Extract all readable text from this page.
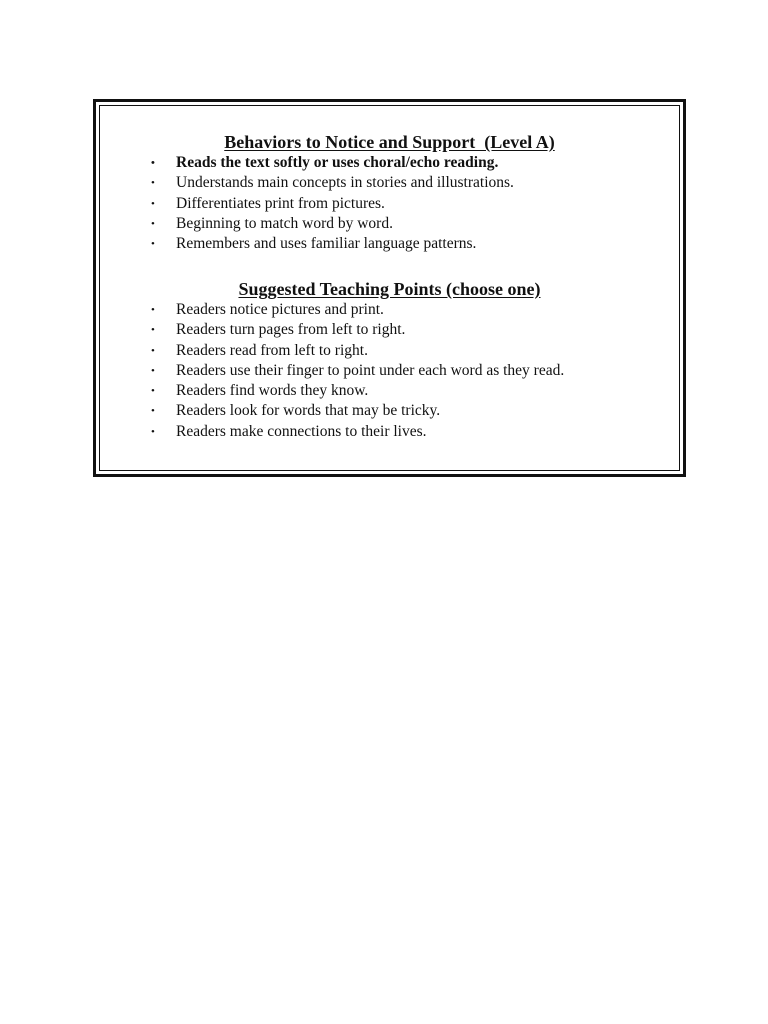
Behaviors to Notice and Support  (Level A)
• Reads the text softly or uses choral/echo reading.
• Understands main concepts in stories and illustrations.
• Differentiates print from pictures.
• Beginning to match word by word.
• Remembers and uses familiar language patterns.
Suggested Teaching Points (choose one)
• Readers notice pictures and print.
• Readers turn pages from left to right.
• Readers read from left to right.
• Readers use their finger to point under each word as they read.
• Readers find words they know.
• Readers look for words that may be tricky.
• Readers make connections to their lives.
